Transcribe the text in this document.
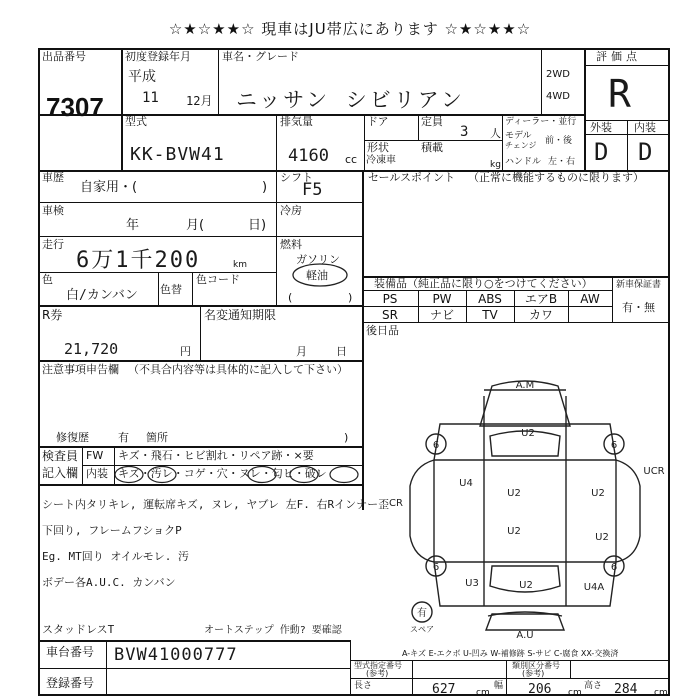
☆★☆★★☆ 現車はJU帯広にあります ☆★☆★★☆
出品番号
7307
初度登録年月
平成
11 12月
車名・グレード
ニッサン シビリアン
2WD
4WD
評価点
R
外装 内装
D D
型式
KK-BVW41
排気量
4160 cc
ドア	定員
3 人
形状
冷凍車
積載
kg
ディーラー・並行
モデル
チェンジ 前・後
ハンドル 左・右
車歴
自家用・(	)
シフト
F5
車検
年	月(	日)
冷房
走行
6万1千200	km
燃料
ガソリン
軽油
(	)
色
白/カンバン 色替
色コード
セールスポイント （正常に機能するものに限ります）
装備品（純正品に限り○をつけてください）
PS	PW	ABS	エアB	AW
SR	ナビ	TV	カワ
新車保証書
有・無
後日品
R券
21,720	円
名変通知期限
月	日
注意事項申告欄 （不具合内容等は具体的に記入して下さい）
修復歴	有 箇所	)
検査員
記入欄
FW キズ・飛石・ヒビ割れ・リペア跡・×要
内装 キズ・汚レ・コゲ・穴・ヌレ・匂ヒ・破レ
シート内タリキレ, 運転席キズ, ヌレ, ヤブレ 左F. 右Rインナー歪
下回り, フレームフショクP
Eg. MT回り オイルモレ. 汚
ボデー各A.U.C. カンバン
スタッドレスT	オートステップ 作動? 要確認
車台番号 BVW41000777
登録番号
A-キズ E-エクボ U-凹み W-補修跡 S-サビ C-腐食 XX-交換済
型式指定番号
(参考)
類別区分番号
(参考)
長さ	627 cm
幅 206 cm
高さ 284 cm
A.M
A.U
CR
UCR
U2
U2	U2
U2
U2
U2
U4
U3	U4A
6	6
6	6
有
スペア
